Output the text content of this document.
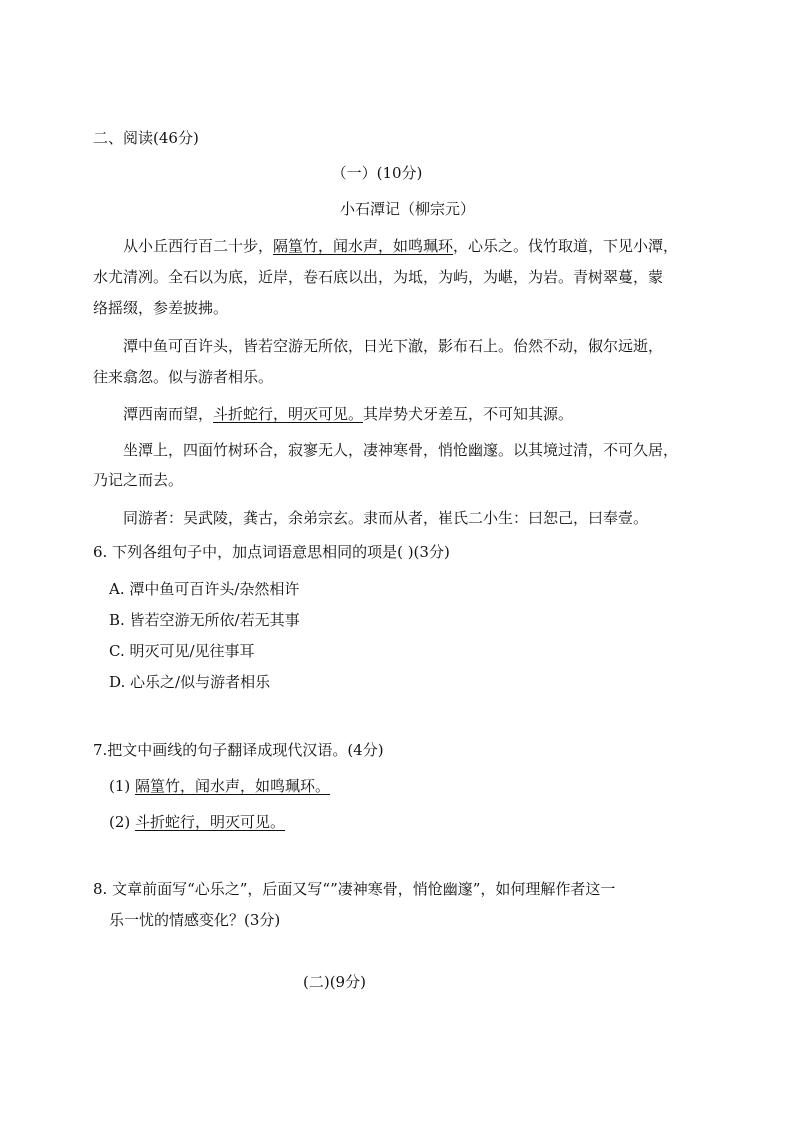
二、阅读(46分)
（一）(10分)
小石潭记（柳宗元）
从小丘西行百二十步，隔篁竹，闻水声，如鸣珮环，心乐之。伐竹取道，下见小潭，
水尤清冽。全石以为底，近岸，卷石底以出，为坻，为屿，为嵁，为岩。青树翠蔓，蒙
络摇缀，参差披拂。
潭中鱼可百许头，皆若空游无所依，日光下澈，影布石上。佁然不动，俶尔远逝，
往来翕忽。似与游者相乐。
潭西南而望，斗折蛇行，明灭可见。其岸势犬牙差互，不可知其源。
坐潭上，四面竹树环合，寂寥无人，凄神寒骨，悄怆幽邃。以其境过清，不可久居，
乃记之而去。
同游者：吴武陵，龚古，余弟宗玄。隶而从者，崔氏二小生：曰恕己，曰奉壹。
6. 下列各组句子中，加点词语意思相同的项是( )(3分)
A. 潭中鱼可百许头/杂然相许
B. 皆若空游无所依/若无其事
C. 明灭可见/见往事耳
D. 心乐之/似与游者相乐
7.把文中画线的句子翻译成现代汉语。(4分)
(1) 隔篁竹，闻水声，如鸣珮环。
(2) 斗折蛇行，明灭可见。
8. 文章前面写“心乐之”，后面又写“”凄神寒骨，悄怆幽邃”，如何理解作者这一
乐一忧的情感变化？(3分)
(二)(9分)
